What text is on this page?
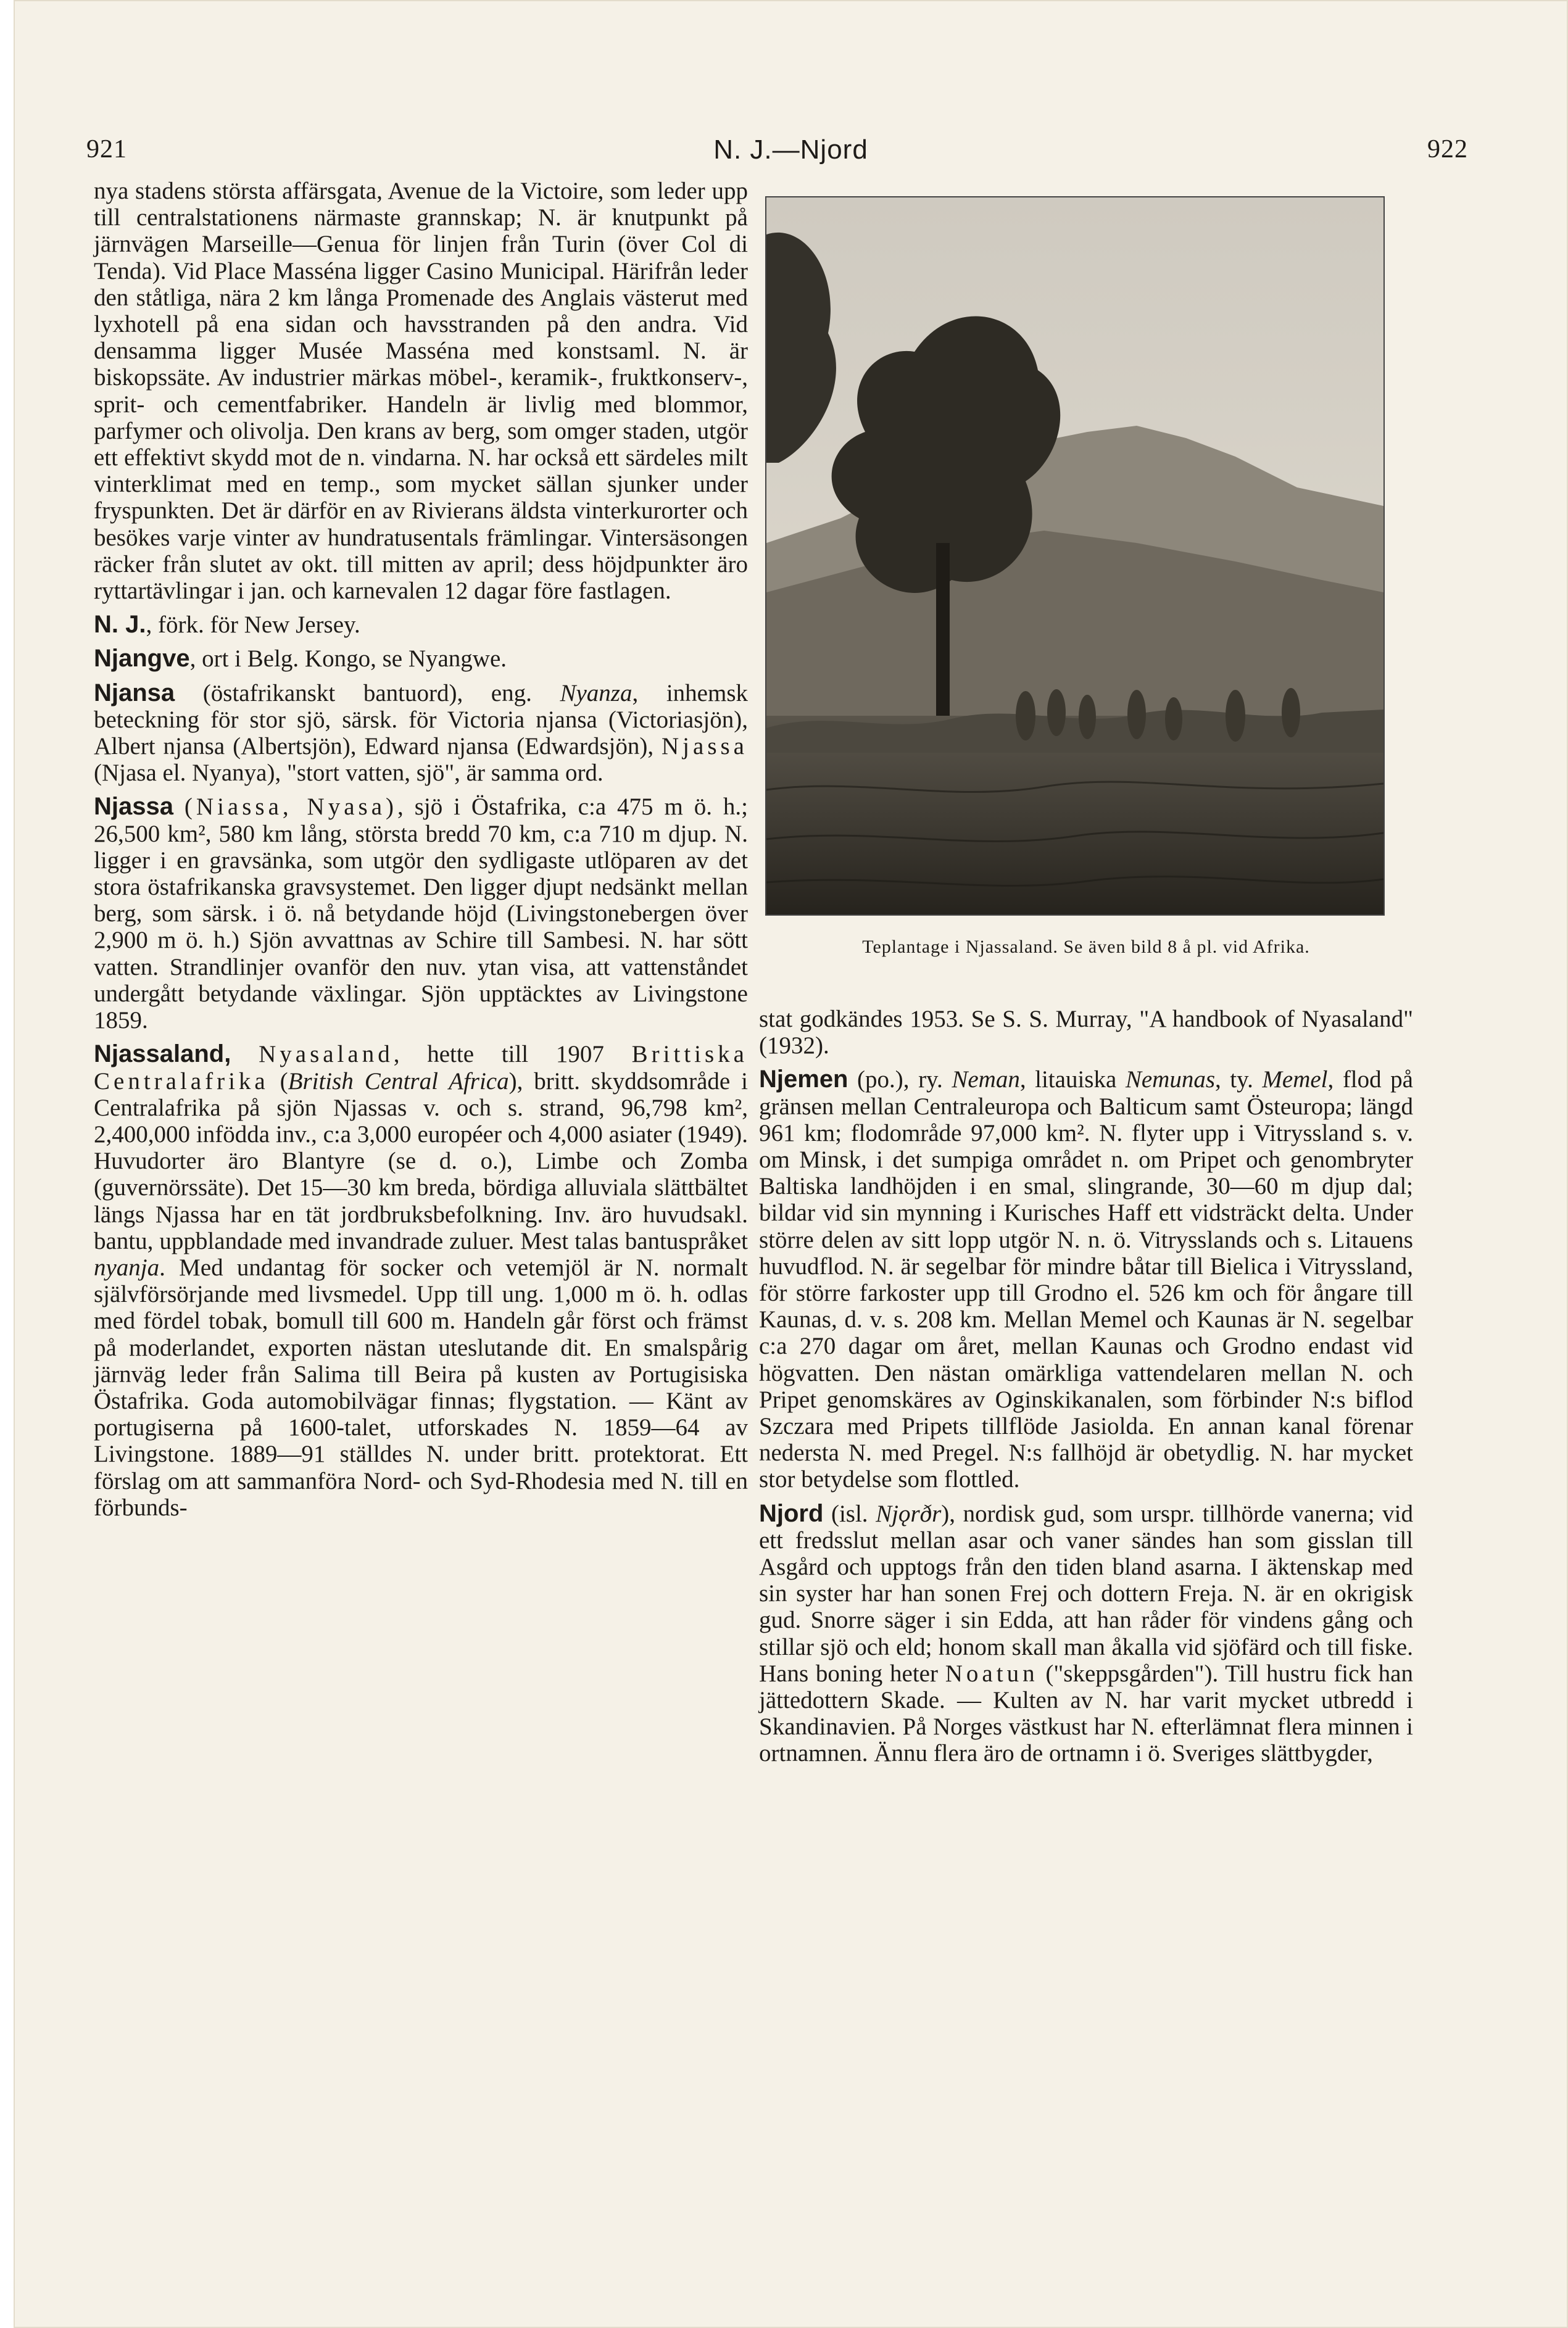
921	N. J.—Njord	922

nya stadens största affärsgata, Avenue de la Victoire, som leder upp till centralstationens närmaste grannskap; N. är knutpunkt på järnvägen Marseille—Genua för linjen från Turin (över Col di Tenda). Vid Place Masséna ligger Casino Municipal. Härifrån leder den ståtliga, nära 2 km långa Promenade des Anglais västerut med lyxhotell på ena sidan och havsstranden på den andra. Vid densamma ligger Musée Masséna med konstsaml. N. är biskopssäte. Av industrier märkas möbel-, keramik-, fruktkonserv-, sprit- och cementfabriker. Handeln är livlig med blommor, parfymer och olivolja. Den krans av berg, som omger staden, utgör ett effektivt skydd mot de n. vindarna. N. har också ett särdeles milt vinterklimat med en temp., som mycket sällan sjunker under fryspunkten. Det är därför en av Rivierans äldsta vinterkurorter och besökes varje vinter av hundratusentals främlingar. Vintersäsongen räcker från slutet av okt. till mitten av april; dess höjdpunkter äro ryttartävlingar i jan. och karnevalen 12 dagar före fastlagen.

N. J., förk. för New Jersey.

Njangve, ort i Belg. Kongo, se Nyangwe.

Njansa (östafrikanskt bantuord), eng. Nyanza, inhemsk beteckning för stor sjö, särsk. för Victoria njansa (Victoriasjön), Albert njansa (Albertsjön), Edward njansa (Edwardsjön), Njassa (Njasa el. Nyanya), "stort vatten, sjö", är samma ord.

Njassa (Niassa, Nyasa), sjö i Östafrika, c:a 475 m ö. h.; 26,500 km², 580 km lång, största bredd 70 km, c:a 710 m djup. N. ligger i en gravsänka, som utgör den sydligaste utlöparen av det stora östafrikanska gravsystemet. Den ligger djupt nedsänkt mellan berg, som särsk. i ö. nå betydande höjd (Livingstonebergen över 2,900 m ö. h.) Sjön avvattnas av Schire till Sambesi. N. har sött vatten. Strandlinjer ovanför den nuv. ytan visa, att vattenståndet undergått betydande växlingar. Sjön upptäcktes av Livingstone 1859.

Njassaland, Nyasaland, hette till 1907 Brittiska Centralafrika (British Central Africa), britt. skyddsområde i Centralafrika på sjön Njassas v. och s. strand, 96,798 km², 2,400,000 infödda inv., c:a 3,000 européer och 4,000 asiater (1949). Huvudorter äro Blantyre (se d. o.), Limbe och Zomba (guvernörssäte). Det 15—30 km breda, bördiga alluviala slättbältet längs Njassa har en tät jordbruksbefolkning. Inv. äro huvudsakl. bantu, uppblandade med invandrade zuluer. Mest talas bantuspråket nyanja. Med undantag för socker och vetemjöl är N. normalt självförsörjande med livsmedel. Upp till ung. 1,000 m ö. h. odlas med fördel tobak, bomull till 600 m. Handeln går först och främst på moderlandet, exporten nästan uteslutande dit. En smalspårig järnväg leder från Salima till Beira på kusten av Portugisiska Östafrika. Goda automobilvägar finnas; flygstation. — Känt av portugiserna på 1600-talet, utforskades N. 1859—64 av Livingstone. 1889—91 ställdes N. under britt. protektorat. Ett förslag om att sammanföra Nord- och Syd-Rhodesia med N. till en förbunds-

Teplantage i Njassaland. Se även bild 8 å pl. vid Afrika.

stat godkändes 1953. Se S. S. Murray, "A handbook of Nyasaland" (1932).

Njemen (po.), ry. Neman, litauiska Nemunas, ty. Memel, flod på gränsen mellan Centraleuropa och Balticum samt Östeuropa; längd 961 km; flodområde 97,000 km². N. flyter upp i Vitryssland s. v. om Minsk, i det sumpiga området n. om Pripet och genombryter Baltiska landhöjden i en smal, slingrande, 30—60 m djup dal; bildar vid sin mynning i Kurisches Haff ett vidsträckt delta. Under större delen av sitt lopp utgör N. n. ö. Vitrysslands och s. Litauens huvudflod. N. är segelbar för mindre båtar till Bielica i Vitryssland, för större farkoster upp till Grodno el. 526 km och för ångare till Kaunas, d. v. s. 208 km. Mellan Memel och Kaunas är N. segelbar c:a 270 dagar om året, mellan Kaunas och Grodno endast vid högvatten. Den nästan omärkliga vattendelaren mellan N. och Pripet genomskäres av Oginskikanalen, som förbinder N:s biflod Szczara med Pripets tillflöde Jasiolda. En annan kanal förenar nedersta N. med Pregel. N:s fallhöjd är obetydlig. N. har mycket stor betydelse som flottled.

Njord (isl. Njǫrðr), nordisk gud, som urspr. tillhörde vanerna; vid ett fredsslut mellan asar och vaner sändes han som gisslan till Asgård och upptogs från den tiden bland asarna. I äktenskap med sin syster har han sonen Frej och dottern Freja. N. är en okrigisk gud. Snorre säger i sin Edda, att han råder för vindens gång och stillar sjö och eld; honom skall man åkalla vid sjöfärd och till fiske. Hans boning heter Noatun ("skeppsgården"). Till hustru fick han jättedottern Skade. — Kulten av N. har varit mycket utbredd i Skandinavien. På Norges västkust har N. efterlämnat flera minnen i ortnamnen. Ännu flera äro de ortnamn i ö. Sveriges slättbygder,
